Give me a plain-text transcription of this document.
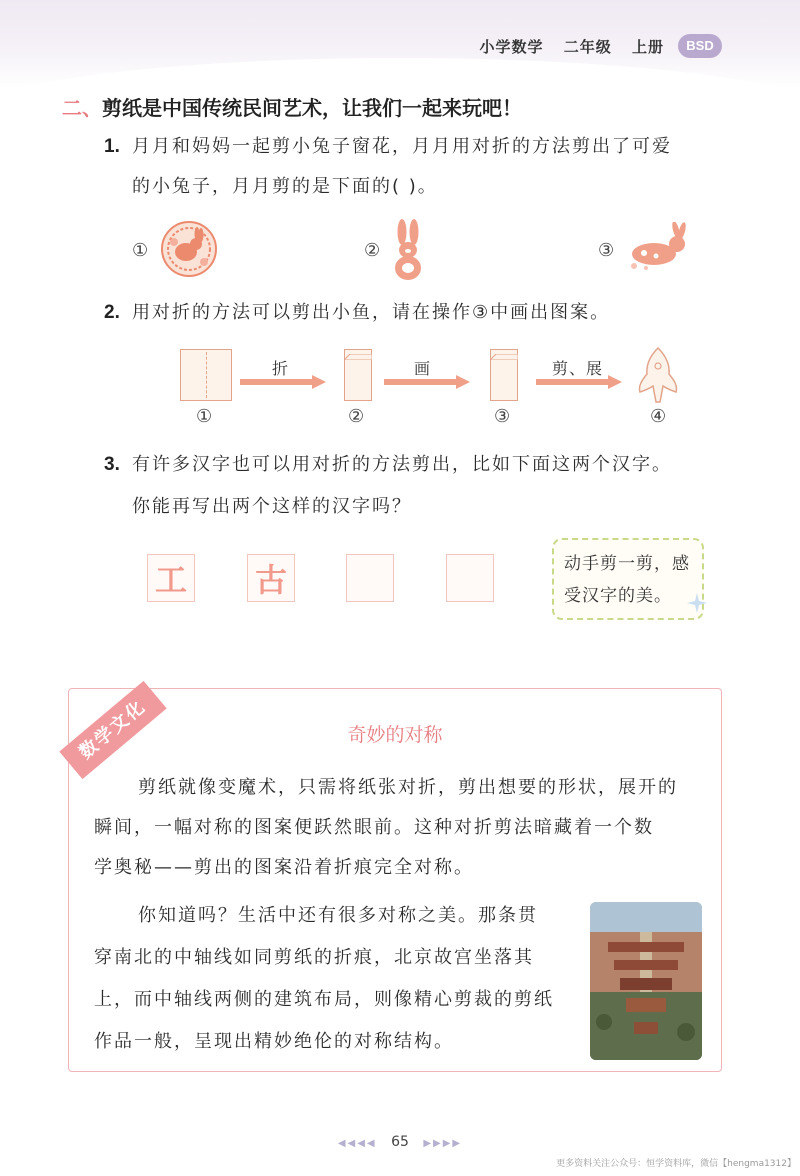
小学数学 二年级 上册	BSD
二、剪纸是中国传统民间艺术，让我们一起来玩吧！
1. 月月和妈妈一起剪小兔子窗花，月月用对折的方法剪出了可爱
的小兔子，月月剪的是下面的( )。
①	②	③
2. 用对折的方法可以剪出小鱼，请在操作③中画出图案。
折	画	剪、展
①	②	③	④
3. 有许多汉字也可以用对折的方法剪出，比如下面这两个汉字。
你能再写出两个这样的汉字吗？
工 古	动手剪一剪，感
受汉字的美。
数学文化	奇妙的对称
剪纸就像变魔术，只需将纸张对折，剪出想要的形状，展开的
瞬间，一幅对称的图案便跃然眼前。这种对折剪法暗藏着一个数
学奥秘——剪出的图案沿着折痕完全对称。
你知道吗？生活中还有很多对称之美。那条贯
穿南北的中轴线如同剪纸的折痕，北京故宫坐落其
上，而中轴线两侧的建筑布局，则像精心剪裁的剪纸
作品一般，呈现出精妙绝伦的对称结构。
◀◀◀◀ 65 ▶▶▶▶
更多资料关注公众号：恒学资料库，微信【hengma1312】
